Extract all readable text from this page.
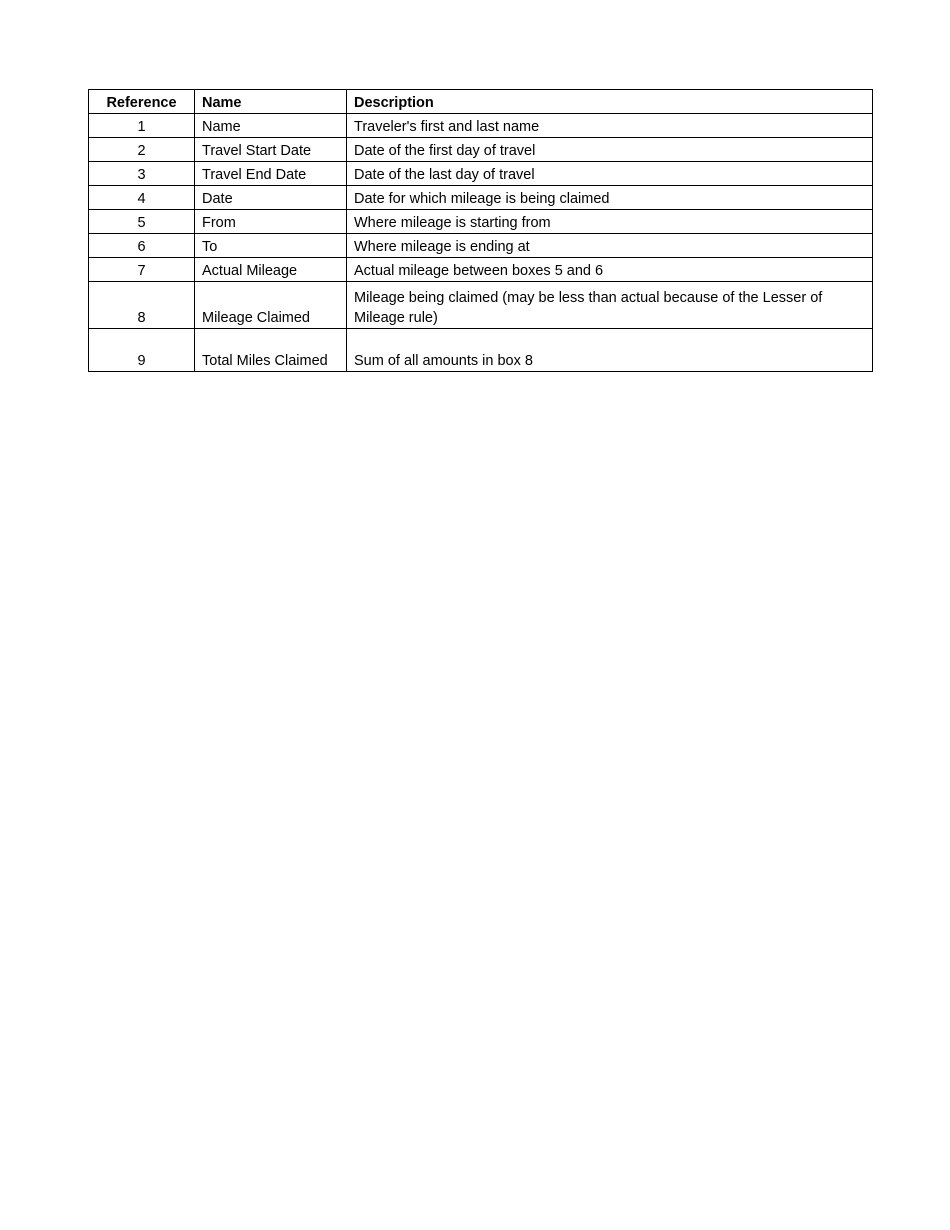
Reference	Name	Description
1	Name	Traveler's first and last name
2	Travel Start Date	Date of the first day of travel
3	Travel End Date	Date of the last day of travel
4	Date	Date for which mileage is being claimed
5	From	Where mileage is starting from
6	To	Where mileage is ending at
7	Actual Mileage	Actual mileage between boxes 5 and 6
8	Mileage Claimed	Mileage being claimed (may be less than actual because of the Lesser of Mileage rule)
9	Total Miles Claimed	Sum of all amounts in box 8
